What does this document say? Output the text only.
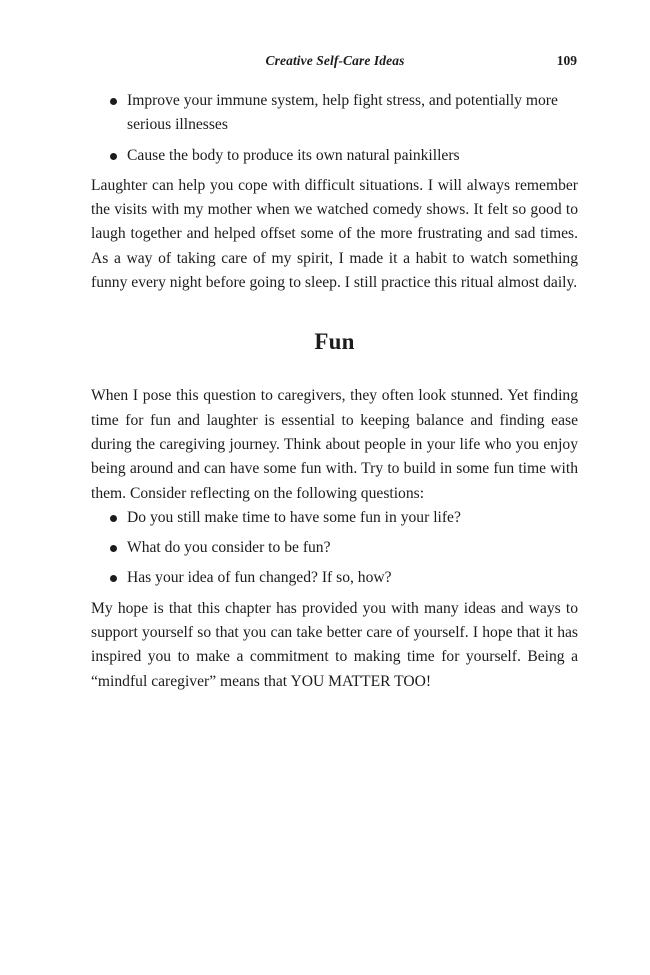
Creative Self-Care Ideas	109
Improve your immune system, help fight stress, and potentially more serious illnesses
Cause the body to produce its own natural painkillers

Laughter can help you cope with difficult situations. I will always remember the visits with my mother when we watched comedy shows. It felt so good to laugh together and helped offset some of the more frustrating and sad times. As a way of taking care of my spirit, I made it a habit to watch something funny every night before going to sleep. I still practice this ritual almost daily.

Fun

When I pose this question to caregivers, they often look stunned. Yet finding time for fun and laughter is essential to keeping balance and finding ease during the caregiving journey. Think about people in your life who you enjoy being around and can have some fun with. Try to build in some fun time with them. Consider reflecting on the following questions:

Do you still make time to have some fun in your life?
What do you consider to be fun?
Has your idea of fun changed? If so, how?

My hope is that this chapter has provided you with many ideas and ways to support yourself so that you can take better care of yourself. I hope that it has inspired you to make a commitment to making time for yourself. Being a “mindful caregiver” means that YOU MATTER TOO!
